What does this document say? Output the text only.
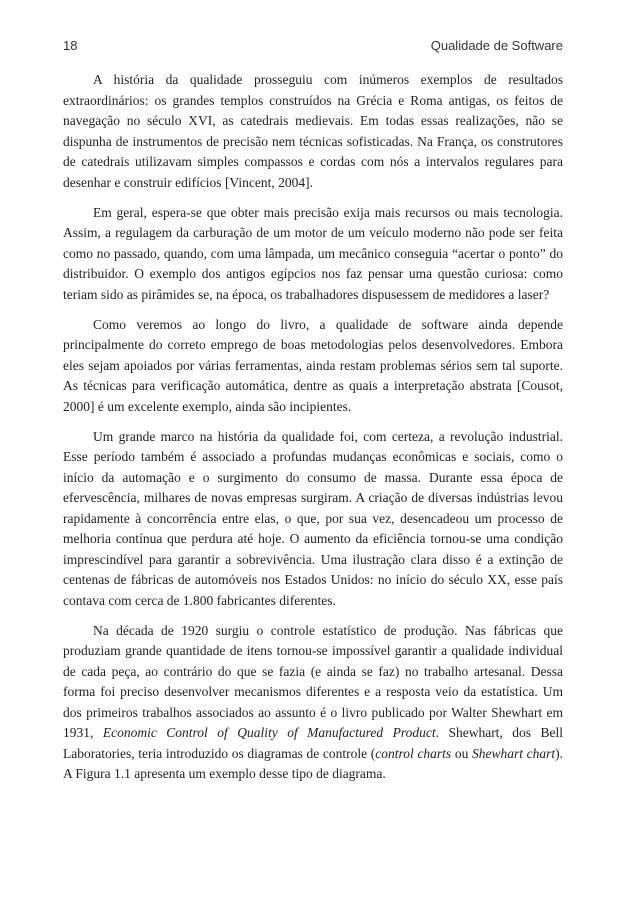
18	Qualidade de Software

A história da qualidade prosseguiu com inúmeros exemplos de resultados extraordinários: os grandes templos construídos na Grécia e Roma antigas, os feitos de navegação no século XVI, as catedrais medievais. Em todas essas realizações, não se dispunha de instrumentos de precisão nem técnicas sofisticadas. Na França, os construtores de catedrais utilizavam simples compassos e cordas com nós a intervalos regulares para desenhar e construir edifícios [Vincent, 2004].

Em geral, espera-se que obter mais precisão exija mais recursos ou mais tecnologia. Assim, a regulagem da carburação de um motor de um veículo moderno não pode ser feita como no passado, quando, com uma lâmpada, um mecânico conseguia “acertar o ponto” do distribuidor. O exemplo dos antigos egípcios nos faz pensar uma questão curiosa: como teriam sido as pirâmides se, na época, os trabalhadores dispusessem de medidores a laser?

Como veremos ao longo do livro, a qualidade de software ainda depende principalmente do correto emprego de boas metodologias pelos desenvolvedores. Embora eles sejam apoiados por várias ferramentas, ainda restam problemas sérios sem tal suporte. As técnicas para verificação automática, dentre as quais a interpretação abstrata [Cousot, 2000] é um excelente exemplo, ainda são incipientes.

Um grande marco na história da qualidade foi, com certeza, a revolução industrial. Esse período também é associado a profundas mudanças econômicas e sociais, como o início da automação e o surgimento do consumo de massa. Durante essa época de efervescência, milhares de novas empresas surgiram. A criação de diversas indústrias levou rapidamente à concorrência entre elas, o que, por sua vez, desencadeou um processo de melhoria contínua que perdura até hoje. O aumento da eficiência tornou-se uma condição imprescindível para garantir a sobrevivência. Uma ilustração clara disso é a extinção de centenas de fábricas de automóveis nos Estados Unidos: no início do século XX, esse país contava com cerca de 1.800 fabricantes diferentes.

Na década de 1920 surgiu o controle estatístico de produção. Nas fábricas que produziam grande quantidade de itens tornou-se impossível garantir a qualidade individual de cada peça, ao contrário do que se fazia (e ainda se faz) no trabalho artesanal. Dessa forma foi preciso desenvolver mecanismos diferentes e a resposta veio da estatística. Um dos primeiros trabalhos associados ao assunto é o livro publicado por Walter Shewhart em 1931, Economic Control of Quality of Manufactured Product. Shewhart, dos Bell Laboratories, teria introduzido os diagramas de controle (control charts ou Shewhart chart). A Figura 1.1 apresenta um exemplo desse tipo de diagrama.
